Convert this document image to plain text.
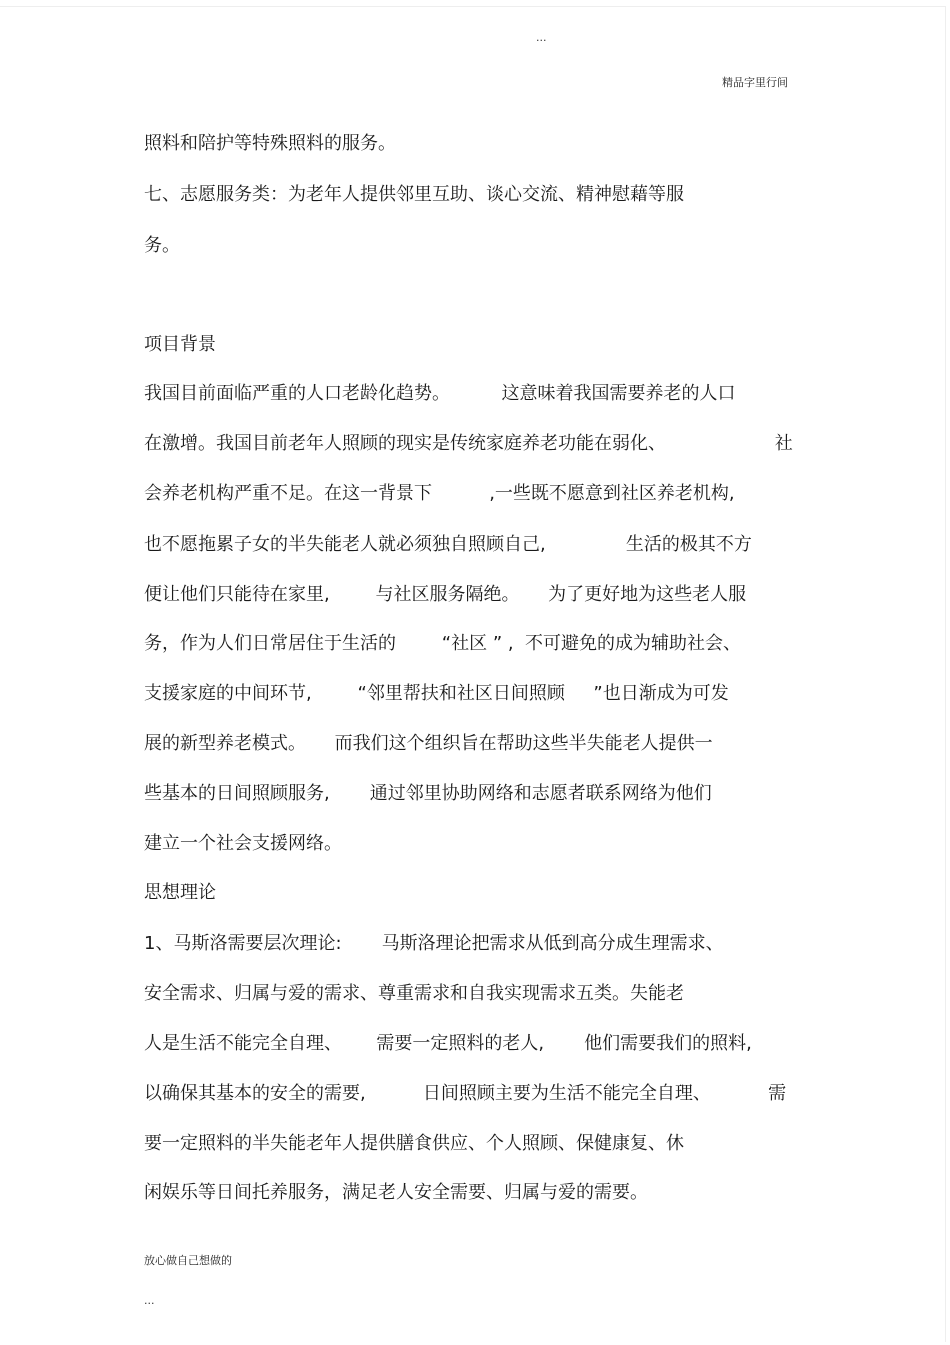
...
精品字里行间
照料和陪护等特殊照料的服务。
七、志愿服务类：为老年人提供邻里互助、谈心交流、精神慰藉等服
务。
项目背景
我国目前面临严重的人口老龄化趋势。         这意味着我国需要养老的人口
在激增。我国目前老年人照顾的现实是传统家庭养老功能在弱化、                   社
会养老机构严重不足。在这一背景下          ,一些既不愿意到社区养老机构,
也不愿拖累子女的半失能老人就必须独自照顾自己,              生活的极其不方
便让他们只能待在家里,        与社区服务隔绝。     为了更好地为这些老人服
务，作为人们日常居住于生活的        “社区 ” ,  不可避免的成为辅助社会、
支援家庭的中间环节,        “邻里帮扶和社区日间照顾     ”也日渐成为可发
展的新型养老模式。     而我们这个组织旨在帮助这些半失能老人提供一
些基本的日间照顾服务,       通过邻里协助网络和志愿者联系网络为他们
建立一个社会支援网络。
思想理论
1、马斯洛需要层次理论:       马斯洛理论把需求从低到高分成生理需求、
安全需求、归属与爱的需求、尊重需求和自我实现需求五类。失能老
人是生活不能完全自理、      需要一定照料的老人,       他们需要我们的照料,
以确保其基本的安全的需要,          日间照顾主要为生活不能完全自理、          需
要一定照料的半失能老年人提供膳食供应、个人照顾、保健康复、休
闲娱乐等日间托养服务，满足老人安全需要、归属与爱的需要。
放心做自己想做的
...
